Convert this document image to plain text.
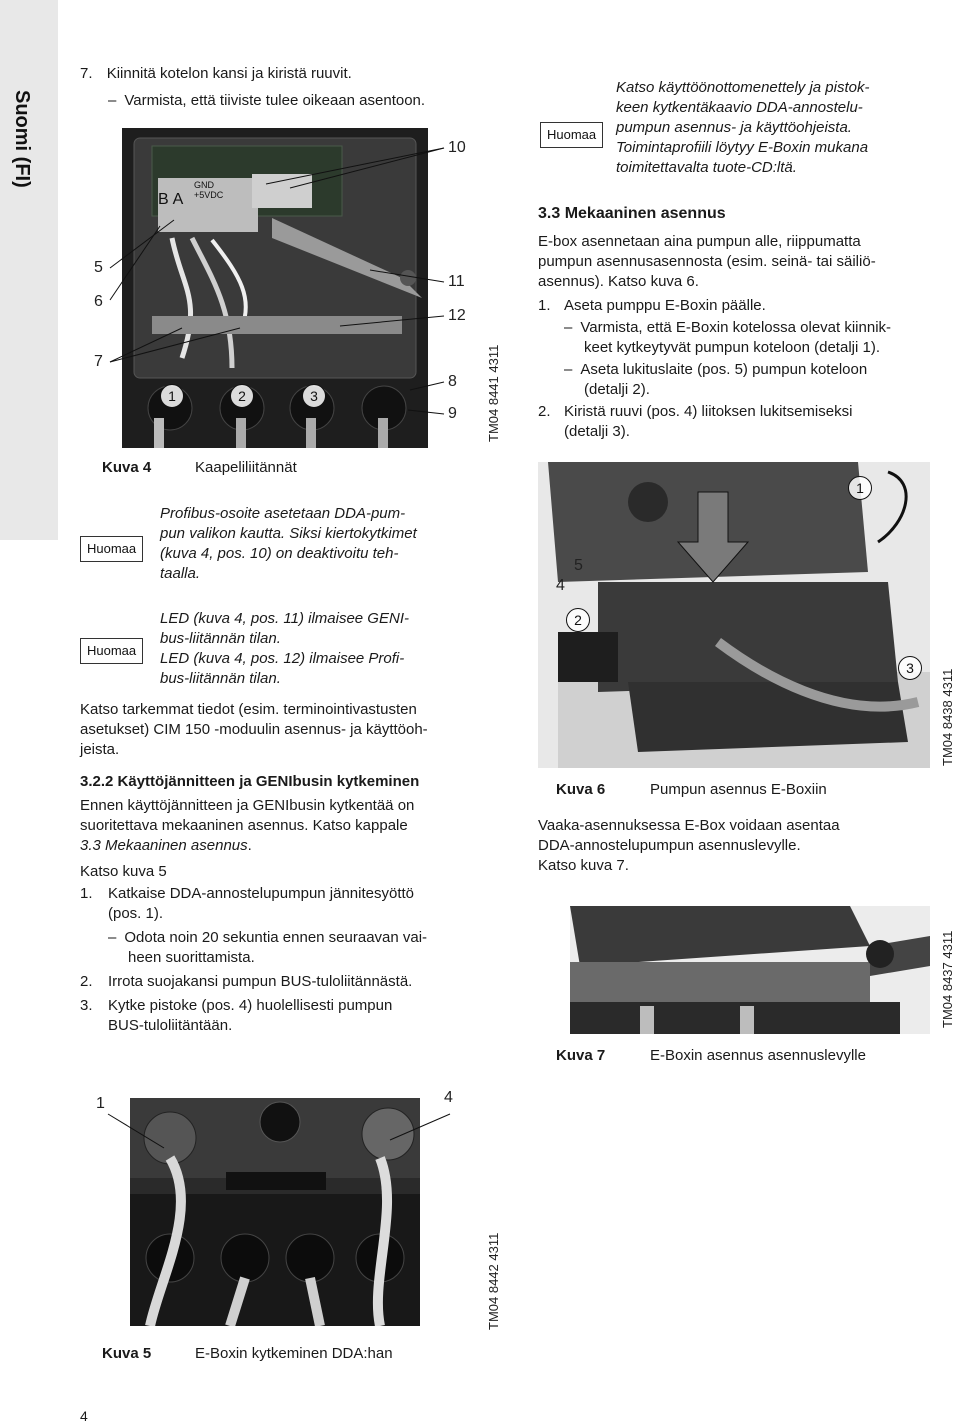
Suomi (FI)
7. Kiinnitä kotelon kansi ja kiristä ruuvit.
– Varmista, että tiiviste tulee oikeaan asentoon.
BA
GND
+5VDC
5
6
7
10
11
12
8
9
1	2	3	TM04 8441 4311
Kuva 4	Kaapeliliitännät
Huomaa
Profibus-osoite asetetaan DDA-pum-
pun valikon kautta. Siksi kiertokytkimet
(kuva 4, pos. 10) on deaktivoitu teh-
taalla.
Huomaa
LED (kuva 4, pos. 11) ilmaisee GENI-
bus-liitännän tilan.
LED (kuva 4, pos. 12) ilmaisee Profi-
bus-liitännän tilan.
Katso tarkemmat tiedot (esim. terminointivastusten
asetukset) CIM 150 -moduulin asennus- ja käyttöoh-
jeista.
3.2.2 Käyttöjännitteen ja GENIbusin kytkeminen
Ennen käyttöjännitteen ja GENIbusin kytkentää on
suoritettava mekaaninen asennus. Katso kappale
3.3 Mekaaninen asennus.
Katso kuva 5
1. Katkaise DDA-annostelupumpun jännitesyöttö
(pos. 1).
– Odota noin 20 sekuntia ennen seuraavan vai-
heen suorittamista.
2. Irrota suojakansi pumpun BUS-tuloliitännästä.
3. Kytke pistoke (pos. 4) huolellisesti pumpun
BUS-tuloliitäntään.
1	4
TM04 8442 4311
Kuva 5	E-Boxin kytkeminen DDA:han
Huomaa
Katso käyttöönottomenettely ja pistok-
keen kytkentäkaavio DDA-annostelu-
pumpun asennus- ja käyttöohjeista.
Toimintaprofiili löytyy E-Boxin mukana
toimitettavalta tuote-CD:ltä.
3.3 Mekaaninen asennus
E-box asennetaan aina pumpun alle, riippumatta
pumpun asennusasennosta (esim. seinä- tai säiliö-
asennus). Katso kuva 6.
1. Aseta pumppu E-Boxin päälle.
– Varmista, että E-Boxin kotelossa olevat kiinnik-
keet kytkeytyvät pumpun koteloon (detalji 1).
– Aseta lukituslaite (pos. 5) pumpun koteloon
(detalji 2).
2. Kiristä ruuvi (pos. 4) liitoksen lukitsemiseksi
(detalji 3).
1
5
4
2
3
TM04 8438 4311
Kuva 6	Pumpun asennus E-Boxiin
Vaaka-asennuksessa E-Box voidaan asentaa
DDA-annostelupumpun asennuslevylle.
Katso kuva 7.
TM04 8437 4311
Kuva 7	E-Boxin asennus asennuslevylle
4
